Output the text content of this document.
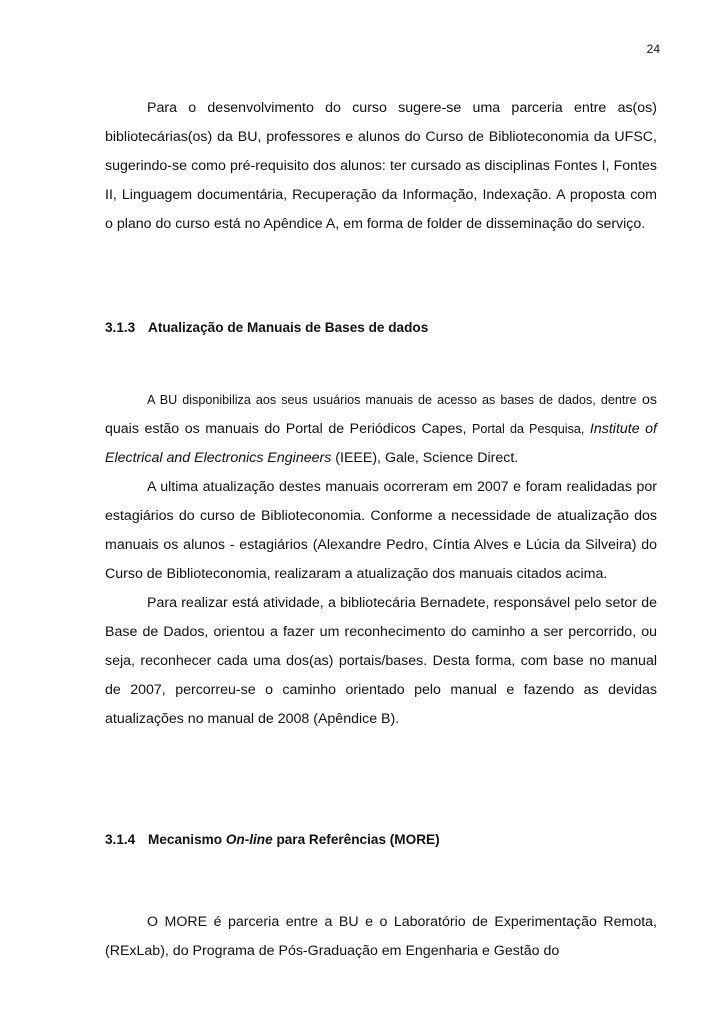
24

Para o desenvolvimento do curso sugere-se uma parceria entre as(os) bibliotecárias(os) da BU, professores e alunos do Curso de Biblioteconomia da UFSC, sugerindo-se como pré-requisito dos alunos: ter cursado as disciplinas Fontes I, Fontes II, Linguagem documentária, Recuperação da Informação, Indexação. A proposta com o plano do curso está no Apêndice A, em forma de folder de disseminação do serviço.

3.1.3 Atualização de Manuais de Bases de dados

A BU disponibiliza aos seus usuários manuais de acesso as bases de dados, dentre os quais estão os manuais do Portal de Periódicos Capes, Portal da Pesquisa, Institute of Electrical and Electronics Engineers (IEEE), Gale, Science Direct.

A ultima atualização destes manuais ocorreram em 2007 e foram realidadas por estagiários do curso de Biblioteconomia. Conforme a necessidade de atualização dos manuais os alunos - estagiários (Alexandre Pedro, Cíntia Alves e Lúcia da Silveira) do Curso de Biblioteconomia, realizaram a atualização dos manuais citados acima.

Para realizar está atividade, a bibliotecária Bernadete, responsável pelo setor de Base de Dados, orientou a fazer um reconhecimento do caminho a ser percorrido, ou seja, reconhecer cada uma dos(as) portais/bases. Desta forma, com base no manual de 2007, percorreu-se o caminho orientado pelo manual e fazendo as devidas atualizações no manual de 2008 (Apêndice B).

3.1.4 Mecanismo On-line para Referências (MORE)

O MORE é parceria entre a BU e o Laboratório de Experimentação Remota, (RExLab), do Programa de Pós-Graduação em Engenharia e Gestão do
